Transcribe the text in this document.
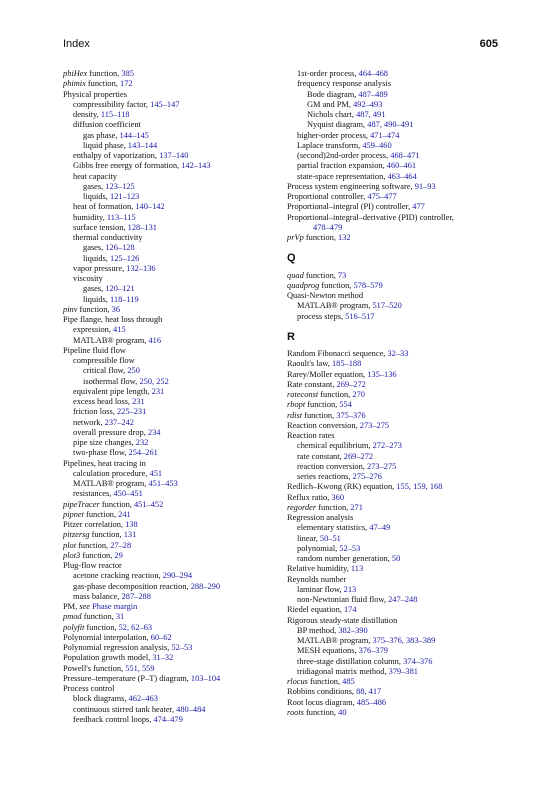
Index	605
phiHex function, 385
phimix function, 172
Physical properties
compressibility factor, 145–147
density, 115–118
diffusion coefficient
gas phase, 144–145
liquid phase, 143–144
enthalpy of vaporization, 137–140
Gibbs free energy of formation, 142–143
heat capacity
gases, 123–125
liquids, 121–123
heat of formation, 140–142
humidity, 113–115
surface tension, 128–131
thermal conductivity
gases, 126–128
liquids, 125–126
vapor pressure, 132–136
viscosity
gases, 120–121
liquids, 118–119
pinv function, 36
Pipe flange, heat loss through
expression, 415
MATLAB® program, 416
Pipeline fluid flow
compressible flow
critical flow, 250
isothermal flow, 250, 252
equivalent pipe length, 231
excess head loss, 231
friction loss, 225–231
network, 237–242
overall pressure drop, 234
pipe size changes, 232
two-phase flow, 254–261
Pipelines, heat tracing in
calculation procedure, 451
MATLAB® program, 451–453
resistances, 450–451
pipeTracer function, 451–452
pipnet function, 241
Pitzer correlation, 138
pitzersg function, 131
plot function, 27–28
plot3 function, 29
Plug-flow reactor
acetone cracking reaction, 290–294
gas-phase decomposition reaction, 288–290
mass balance, 287–288
PM, see Phase margin
pmod function, 31
polyfit function, 52, 62–63
Polynomial interpolation, 60–62
Polynomial regression analysis, 52–53
Population growth model, 31–32
Powell's function, 551, 559
Pressure–temperature (P–T) diagram, 103–104
Process control
block diagrams, 462–463
continuous stirred tank heater, 480–484
feedback control loops, 474–479
1st-order process, 464–468
frequency response analysis
Bode diagram, 487–489
GM and PM, 492–493
Nichols chart, 487, 491
Nyquist diagram, 487, 490–491
higher-order process, 471–474
Laplace transform, 459–460
(second)2nd-order process, 468–471
partial fraction expansion, 460–461
state-space representation, 463–464
Process system engineering software, 91–93
Proportional controller, 475–477
Proportional–integral (PI) controller, 477
Proportional–integral–derivative (PID) controller,
478–479
prVp function, 132
Q
quad function, 73
quadprog function, 578–579
Quasi-Newton method
MATLAB® program, 517–520
process steps, 516–517
R
Random Fibonacci sequence, 32–33
Raoult's law, 185–188
Rarey/Moller equation, 135–136
Rate constant, 269–272
rateconst function, 270
rbopt function, 554
rdist function, 375–376
Reaction conversion, 273–275
Reaction rates
chemical equilibrium, 272–273
rate constant, 269–272
reaction conversion, 273–275
series reactions, 275–276
Redlich–Kwong (RK) equation, 155, 159, 168
Reflux ratio, 360
regorder function, 271
Regression analysis
elementary statistics, 47–49
linear, 50–51
polynomial, 52–53
random number generation, 50
Relative humidity, 113
Reynolds number
laminar flow, 213
non-Newtonian fluid flow, 247–248
Riedel equation, 174
Rigorous steady-state distillation
BP method, 382–390
MATLAB® program, 375–376, 383–389
MESH equations, 376–379
three-stage distillation column, 374–376
tridiagonal matrix method, 379–381
rlocus function, 485
Robbins conditions, 88, 417
Root locus diagram, 485–486
roots function, 40
